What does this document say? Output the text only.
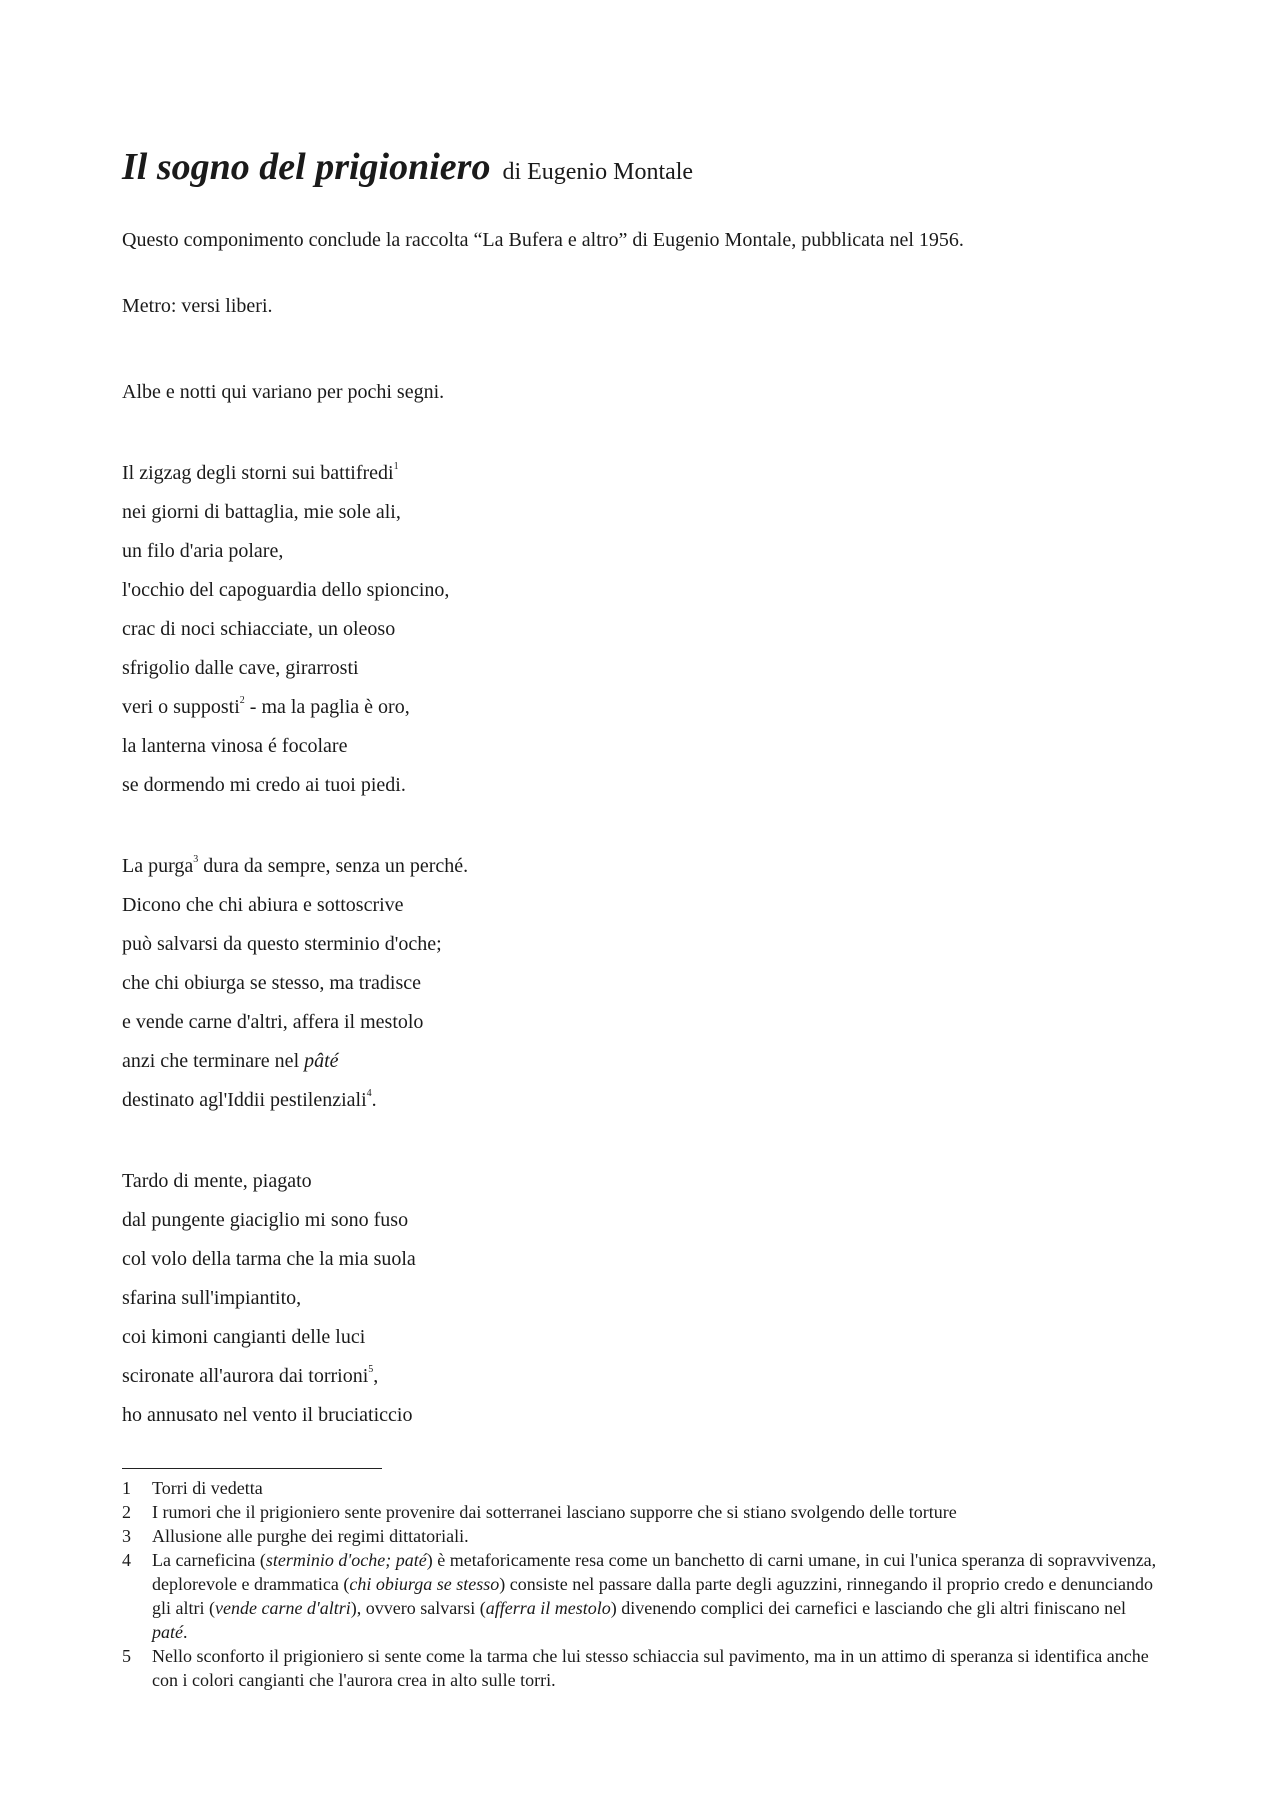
Il sogno del prigioniero di Eugenio Montale

Questo componimento conclude la raccolta “La Bufera e altro” di Eugenio Montale, pubblicata nel 1956.

Metro: versi liberi.

Albe e notti qui variano per pochi segni.
Il zigzag degli storni sui battifredi$^1$
nei giorni di battaglia, mie sole ali,
un filo d'aria polare,
l'occhio del capoguardia dello spioncino,
crac di noci schiacciate, un oleoso
sfrigolio dalle cave, girarrosti
veri o supposti$^2$ - ma la paglia è oro,
la lanterna vinosa é focolare
se dormendo mi credo ai tuoi piedi.
La purga$^3$ dura da sempre, senza un perché.
Dicono che chi abiura e sottoscrive
può salvarsi da questo sterminio d'oche;
che chi obiurga se stesso, ma tradisce
e vende carne d'altri, affera il mestolo
anzi che terminare nel pâté
destinato agl'Iddii pestilenziali$^4$.
Tardo di mente, piagato
dal pungente giaciglio mi sono fuso
col volo della tarma che la mia suola
sfarina sull'impiantito,
coi kimoni cangianti delle luci
scironate all'aurora dai torrioni$^5$,
ho annusato nel vento il bruciaticcio
1	Torri di vedetta
2	I rumori che il prigioniero sente provenire dai sotterranei lasciano supporre che si stiano svolgendo delle torture
3	Allusione alle purghe dei regimi dittatoriali.
4	La carneficina (sterminio d'oche; paté) è metaforicamente resa come un banchetto di carni umane, in cui l'unica speranza di sopravvivenza, deplorevole e drammatica (chi obiurga se stesso) consiste nel passare dalla parte degli aguzzini, rinnegando il proprio credo e denunciando gli altri (vende carne d'altri), ovvero salvarsi (afferra il mestolo) divenendo complici dei carnefici e lasciando che gli altri finiscano nel paté.
5	Nello sconforto il prigioniero si sente come la tarma che lui stesso schiaccia sul pavimento, ma in un attimo di speranza si identifica anche con i colori cangianti che l'aurora crea in alto sulle torri.
